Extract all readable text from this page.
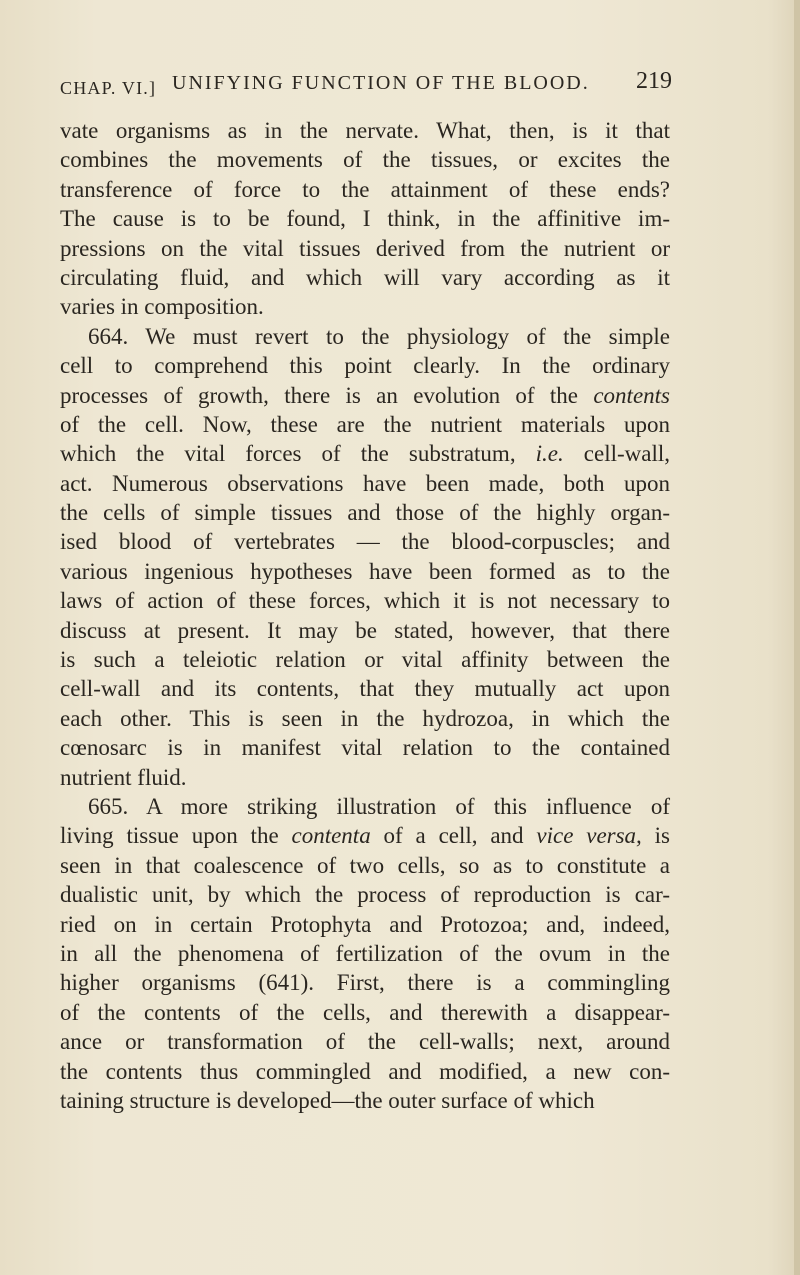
CHAP. VI.] UNIFYING FUNCTION OF THE BLOOD. 219
vate organisms as in the nervate. What, then, is it that
combines the movements of the tissues, or excites the
transference of force to the attainment of these ends?
The cause is to be found, I think, in the affinitive im-
pressions on the vital tissues derived from the nutrient or
circulating fluid, and which will vary according as it
varies in composition.
664. We must revert to the physiology of the simple
cell to comprehend this point clearly. In the ordinary
processes of growth, there is an evolution of the contents
of the cell. Now, these are the nutrient materials upon
which the vital forces of the substratum, i.e. cell-wall,
act. Numerous observations have been made, both upon
the cells of simple tissues and those of the highly organ-
ised blood of vertebrates — the blood-corpuscles; and
various ingenious hypotheses have been formed as to the
laws of action of these forces, which it is not necessary to
discuss at present. It may be stated, however, that there
is such a teleiotic relation or vital affinity between the
cell-wall and its contents, that they mutually act upon
each other. This is seen in the hydrozoa, in which the
cœnosarc is in manifest vital relation to the contained
nutrient fluid.
665. A more striking illustration of this influence of
living tissue upon the contenta of a cell, and vice versa, is
seen in that coalescence of two cells, so as to constitute a
dualistic unit, by which the process of reproduction is car-
ried on in certain Protophyta and Protozoa; and, indeed,
in all the phenomena of fertilization of the ovum in the
higher organisms (641). First, there is a commingling
of the contents of the cells, and therewith a disappear-
ance or transformation of the cell-walls; next, around
the contents thus commingled and modified, a new con-
taining structure is developed—the outer surface of which
